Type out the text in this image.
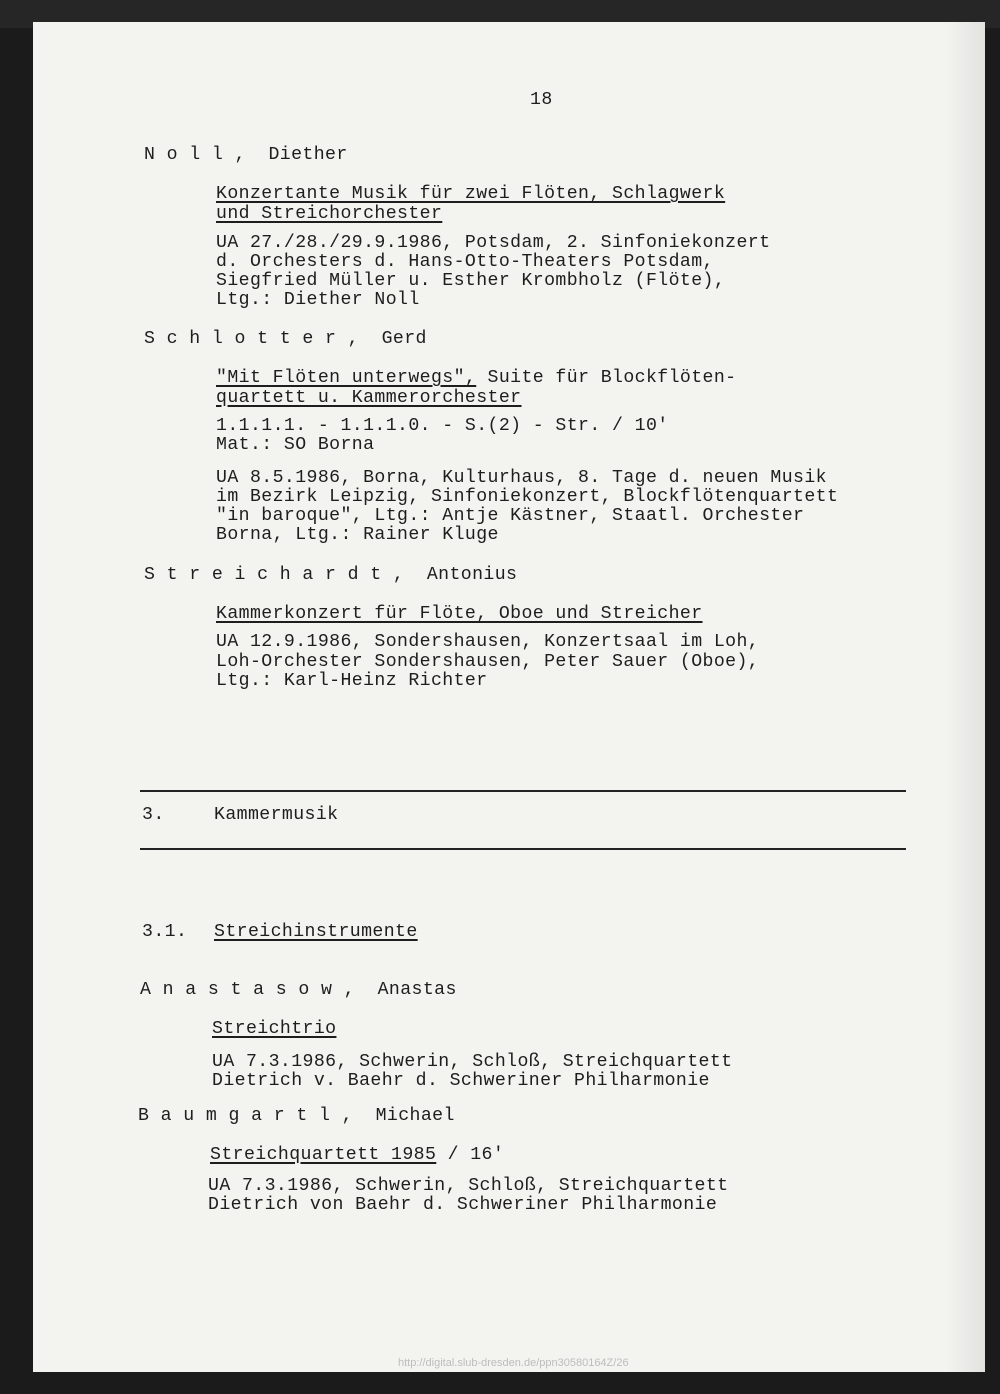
18
N o l l ,  Diether
Konzertante Musik für zwei Flöten, Schlagwerk
und Streichorchester
UA 27./28./29.9.1986, Potsdam, 2. Sinfoniekonzert
d. Orchesters d. Hans-Otto-Theaters Potsdam,
Siegfried Müller u. Esther Krombholz (Flöte),
Ltg.: Diether Noll
S c h l o t t e r ,  Gerd
"Mit Flöten unterwegs", Suite für Blockflöten-
quartett u. Kammerorchester
1.1.1.1. - 1.1.1.0. - S.(2) - Str. / 10'
Mat.: SO Borna
UA 8.5.1986, Borna, Kulturhaus, 8. Tage d. neuen Musik
im Bezirk Leipzig, Sinfoniekonzert, Blockflötenquartett
"in baroque", Ltg.: Antje Kästner, Staatl. Orchester
Borna, Ltg.: Rainer Kluge
S t r e i c h a r d t ,  Antonius
Kammerkonzert für Flöte, Oboe und Streicher
UA 12.9.1986, Sondershausen, Konzertsaal im Loh,
Loh-Orchester Sondershausen, Peter Sauer (Oboe),
Ltg.: Karl-Heinz Richter
3.	Kammermusik
3.1. Streichinstrumente
A n a s t a s o w ,  Anastas
Streichtrio
UA 7.3.1986, Schwerin, Schloß, Streichquartett
Dietrich v. Baehr d. Schweriner Philharmonie
B a u m g a r t l ,  Michael
Streichquartett 1985 / 16'
UA 7.3.1986, Schwerin, Schloß, Streichquartett
Dietrich von Baehr d. Schweriner Philharmonie
http://digital.slub-dresden.de/ppn30580164Z/26
